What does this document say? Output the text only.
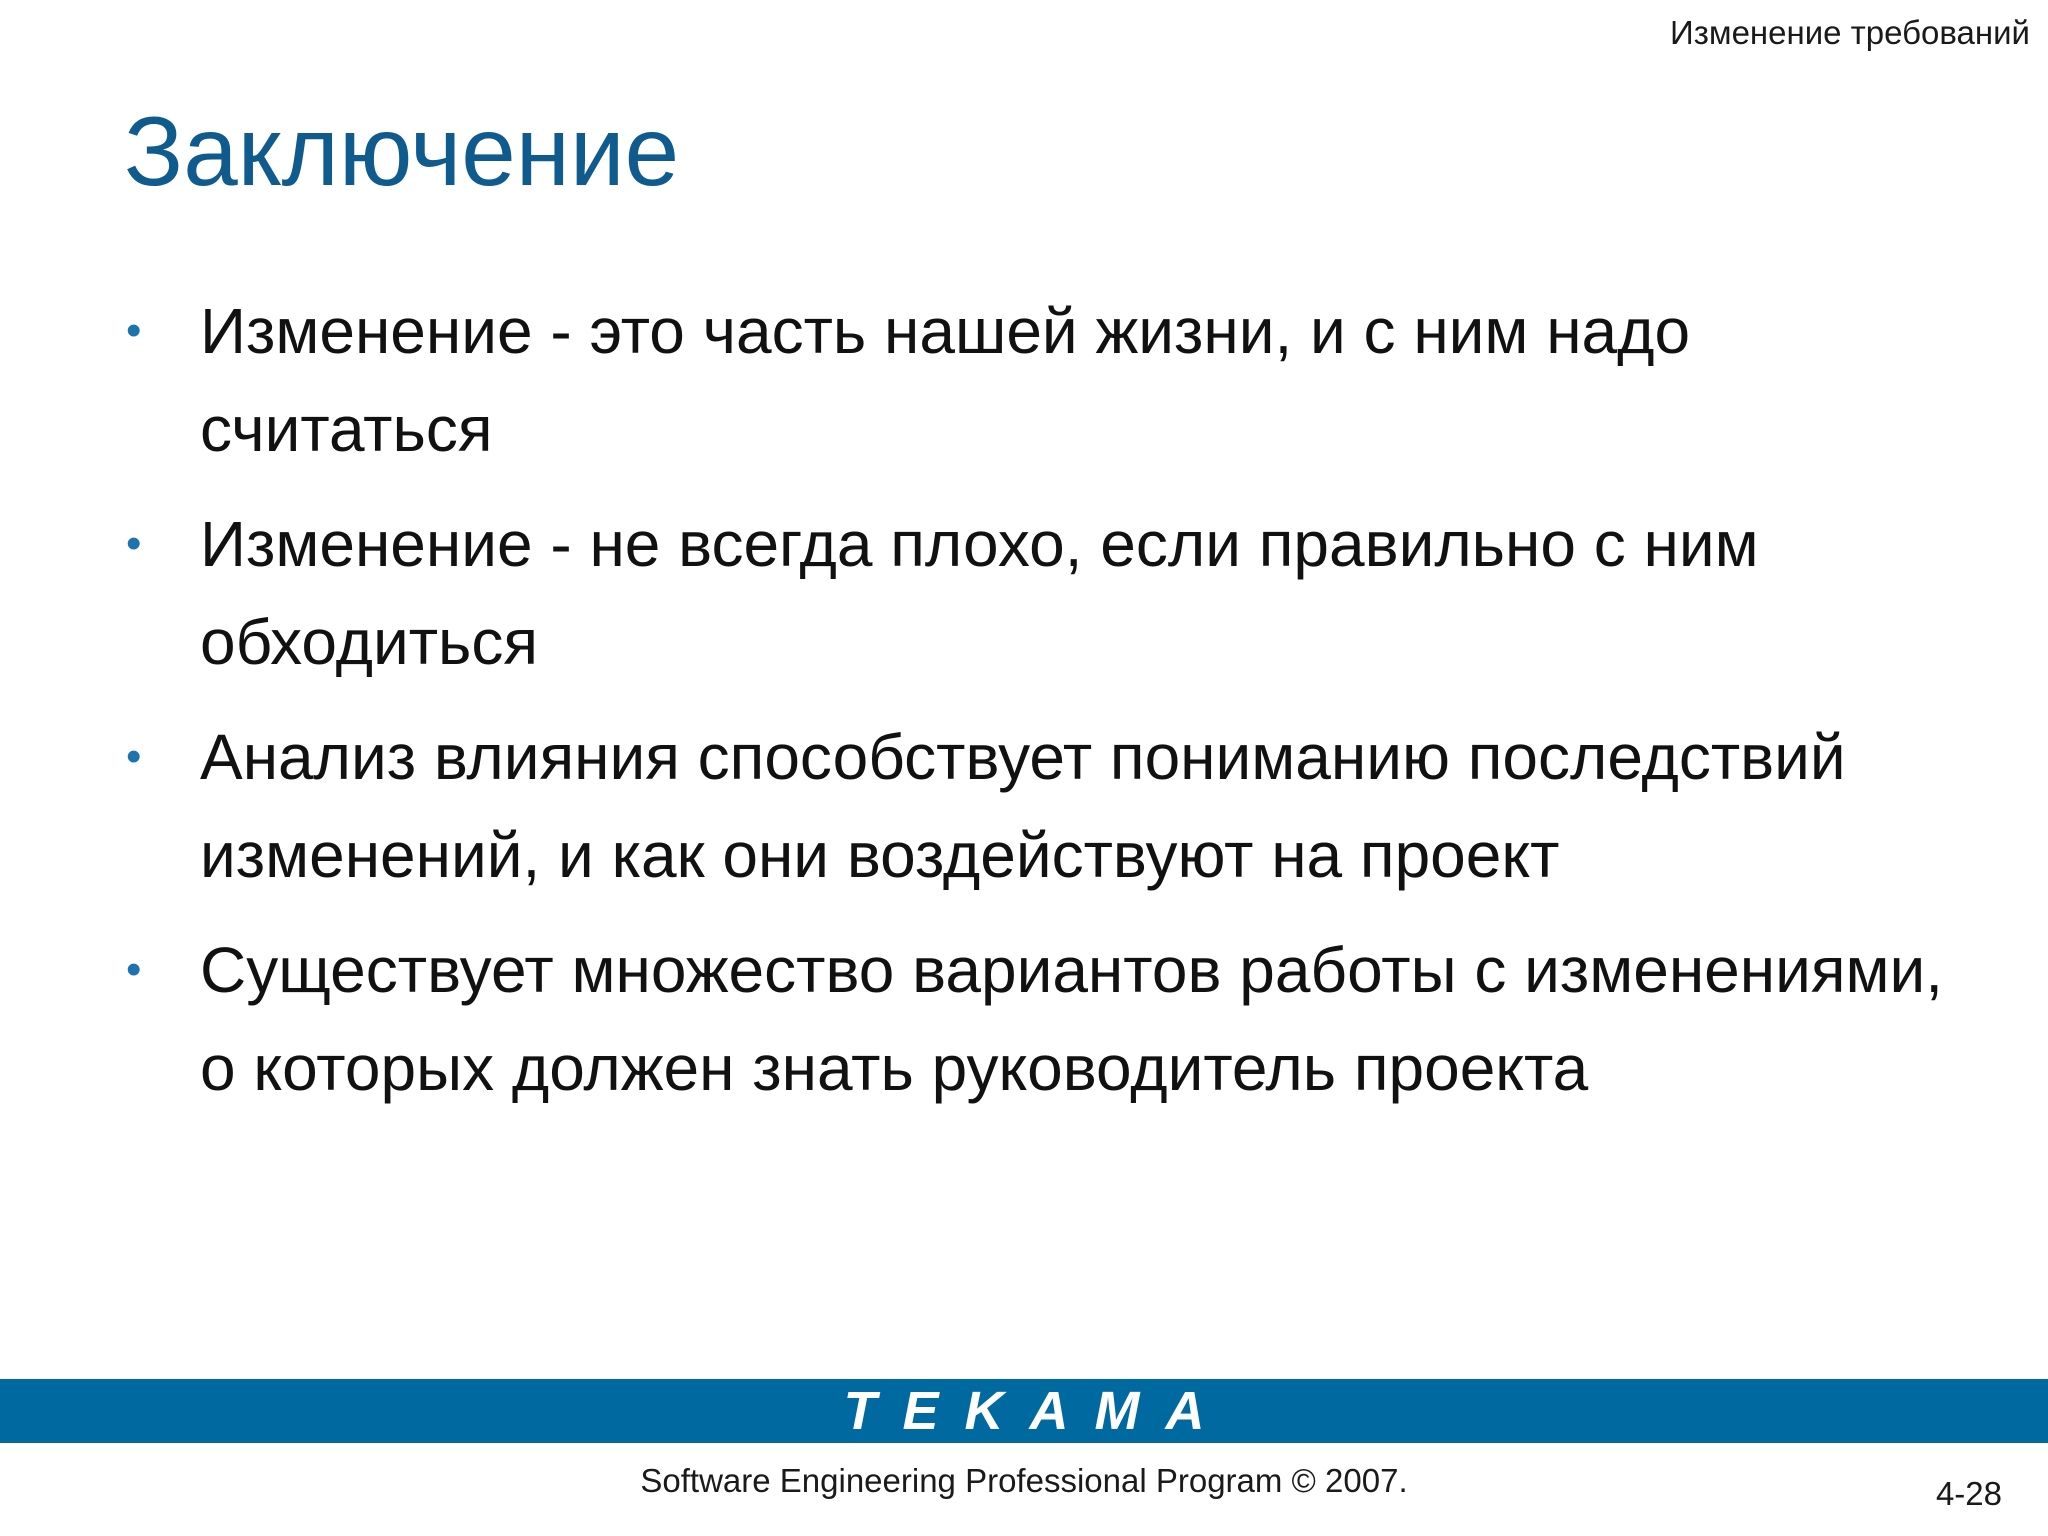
Изменение требований
Заключение
• Изменение - это часть нашей жизни, и с ним надо считаться
• Изменение - не всегда плохо, если правильно с ним обходиться
• Анализ влияния способствует пониманию последствий изменений, и как они воздействуют на проект
• Существует множество вариантов работы с изменениями, о которых должен знать руководитель проекта
TEKAMA
Software Engineering Professional Program © 2007.	4-28
